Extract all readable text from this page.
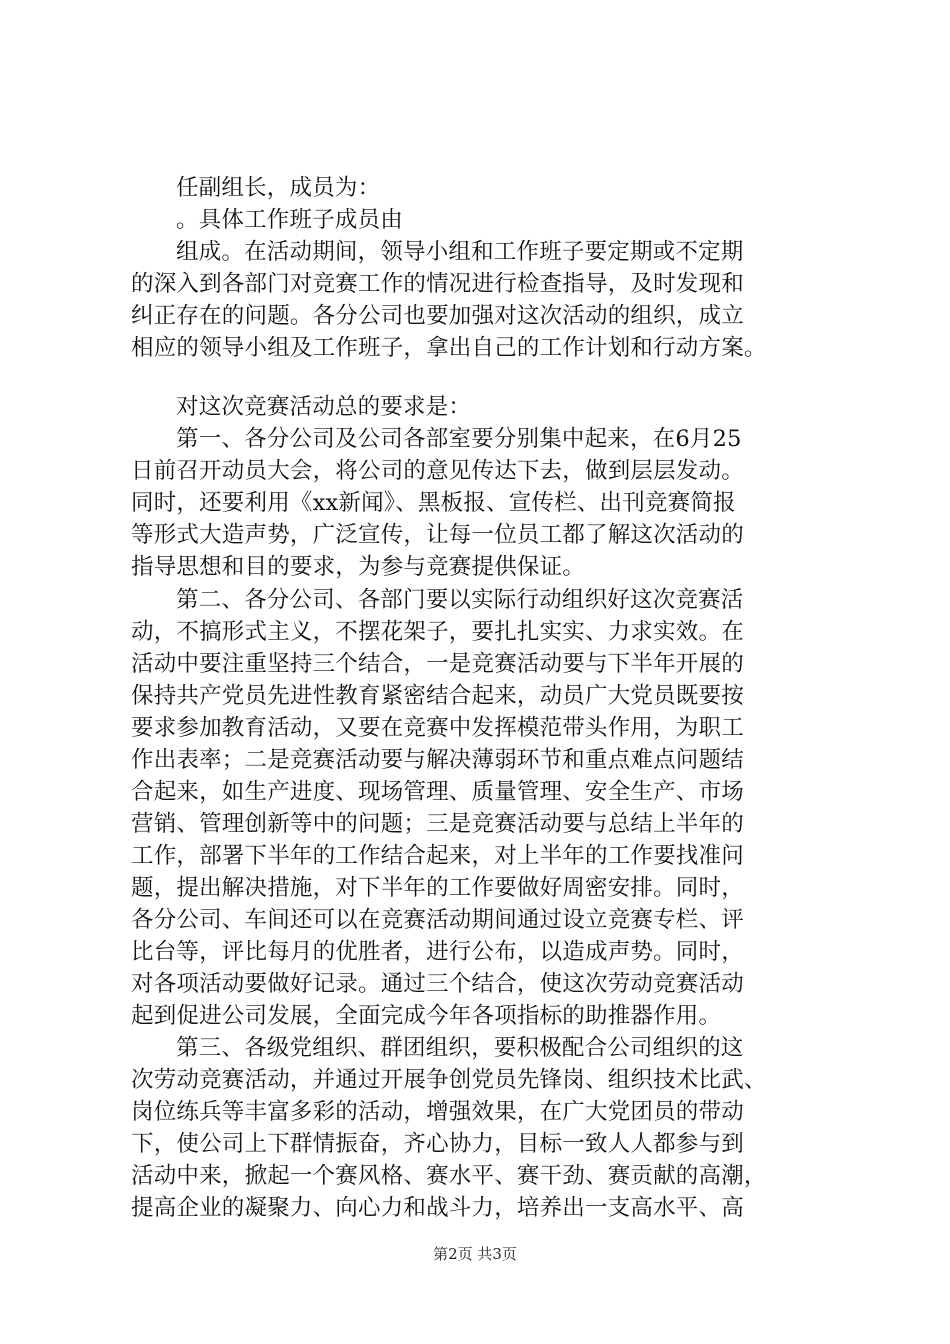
任副组长，成员为：
。具体工作班子成员由
组成。在活动期间，领导小组和工作班子要定期或不定期
的深入到各部门对竞赛工作的情况进行检查指导，及时发现和
纠正存在的问题。各分公司也要加强对这次活动的组织，成立
相应的领导小组及工作班子，拿出自己的工作计划和行动方案。
对这次竞赛活动总的要求是：
第一、各分公司及公司各部室要分别集中起来，在6月25
日前召开动员大会，将公司的意见传达下去，做到层层发动。
同时，还要利用《xx新闻》、黑板报、宣传栏、出刊竞赛简报
等形式大造声势，广泛宣传，让每一位员工都了解这次活动的
指导思想和目的要求，为参与竞赛提供保证。
第二、各分公司、各部门要以实际行动组织好这次竞赛活
动，不搞形式主义，不摆花架子，要扎扎实实、力求实效。在
活动中要注重坚持三个结合，一是竞赛活动要与下半年开展的
保持共产党员先进性教育紧密结合起来，动员广大党员既要按
要求参加教育活动，又要在竞赛中发挥模范带头作用，为职工
作出表率；二是竞赛活动要与解决薄弱环节和重点难点问题结
合起来，如生产进度、现场管理、质量管理、安全生产、市场
营销、管理创新等中的问题；三是竞赛活动要与总结上半年的
工作，部署下半年的工作结合起来，对上半年的工作要找准问
题，提出解决措施，对下半年的工作要做好周密安排。同时，
各分公司、车间还可以在竞赛活动期间通过设立竞赛专栏、评
比台等，评比每月的优胜者，进行公布，以造成声势。同时，
对各项活动要做好记录。通过三个结合，使这次劳动竞赛活动
起到促进公司发展，全面完成今年各项指标的助推器作用。
第三、各级党组织、群团组织，要积极配合公司组织的这
次劳动竞赛活动，并通过开展争创党员先锋岗、组织技术比武、
岗位练兵等丰富多彩的活动，增强效果，在广大党团员的带动
下，使公司上下群情振奋，齐心协力，目标一致人人都参与到
活动中来，掀起一个赛风格、赛水平、赛干劲、赛贡献的高潮，
提高企业的凝聚力、向心力和战斗力，培养出一支高水平、高
第2页 共3页
